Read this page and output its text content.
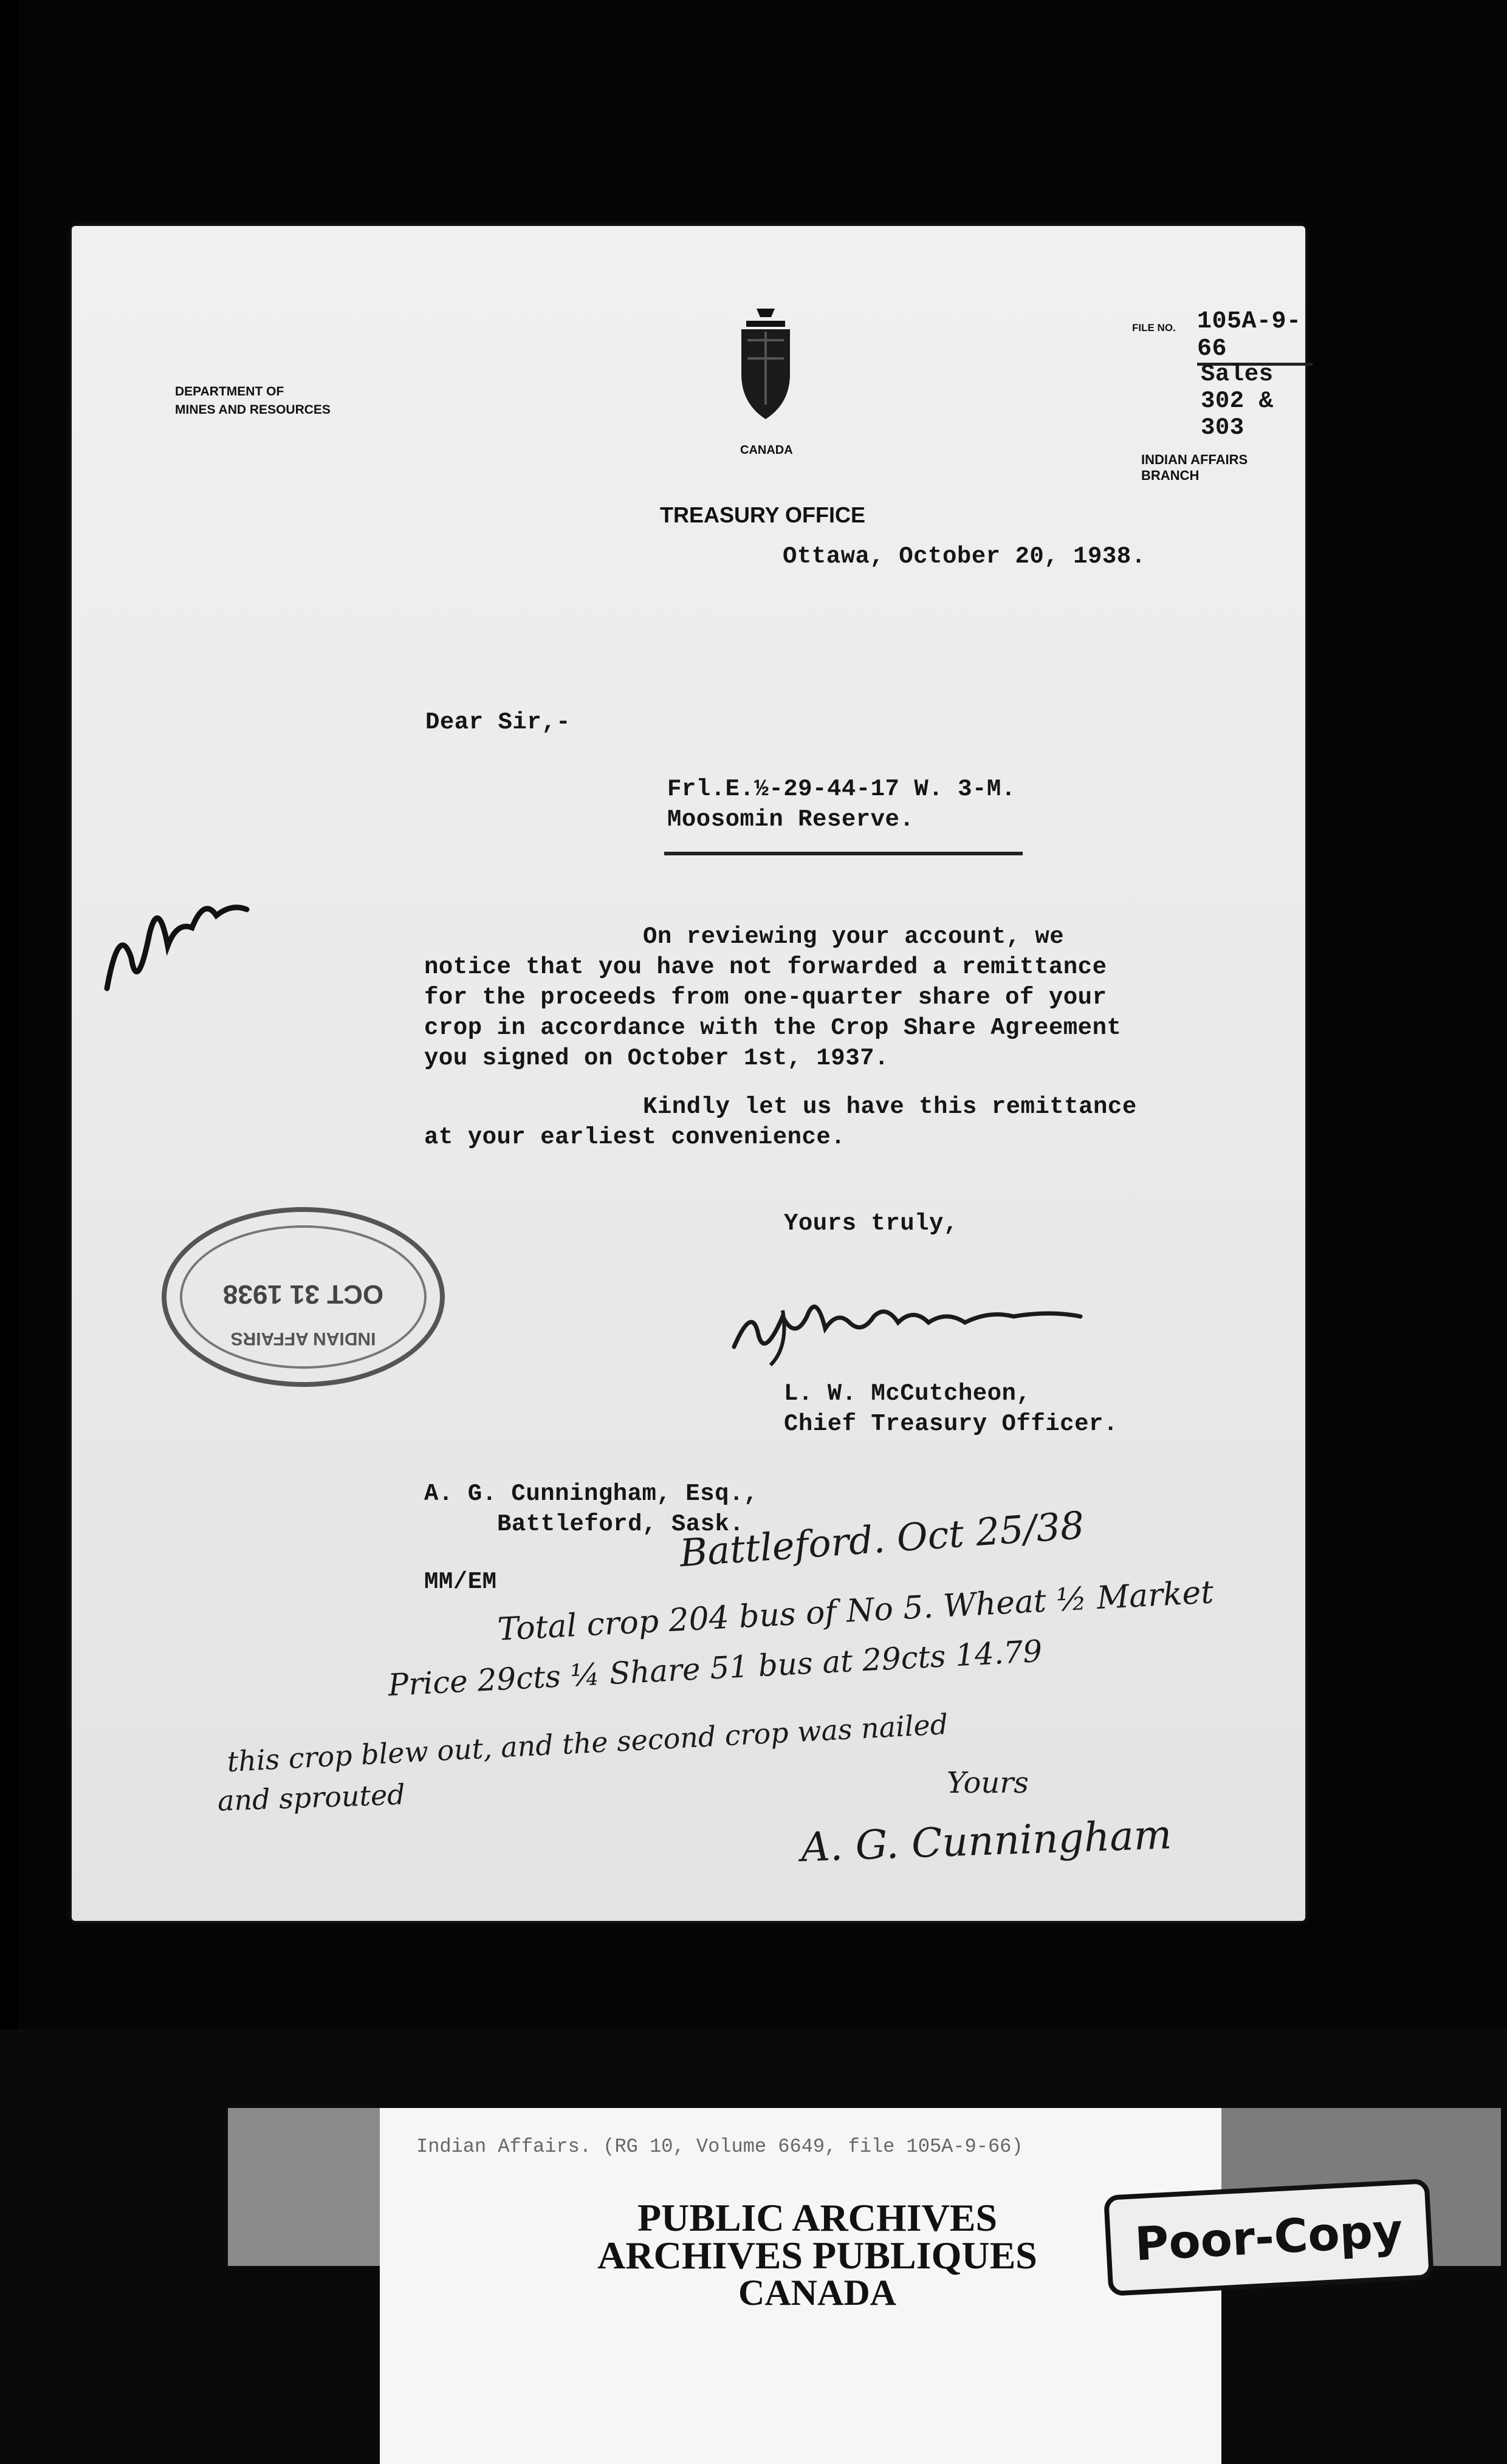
DEPARTMENT OF
MINES AND RESOURCES
CANADA
FILE NO. 105A-9-66
Sales 302 & 303
INDIAN AFFAIRS BRANCH
TREASURY OFFICE
Ottawa, October 20, 1938.
Dear Sir,-
Frl.E.½-29-44-17 W. 3-M.
Moosomin Reserve.
On reviewing your account, we
notice that you have not forwarded a remittance
for the proceeds from one-quarter share of your
crop in accordance with the Crop Share Agreement
you signed on October 1st, 1937.
Kindly let us have this remittance
at your earliest convenience.
Yours truly,
L. W. McCutcheon,
Chief Treasury Officer.
A. G. Cunningham, Esq.,
Battleford, Sask.
MM/EM
INDIAN AFFAIRS
OCT 31 1938
Battleford. Oct 25/38
Total crop 204 bus of No 5. Wheat ½ Market
Price 29cts ¼ Share 51 bus at 29cts 14.79
this crop blew out, and the second crop was nailed
and sprouted	Yours
A. G. Cunningham
Indian Affairs. (RG 10, Volume 6649, file 105A-9-66)
PUBLIC ARCHIVES
ARCHIVES PUBLIQUES
CANADA
Poor-Copy
